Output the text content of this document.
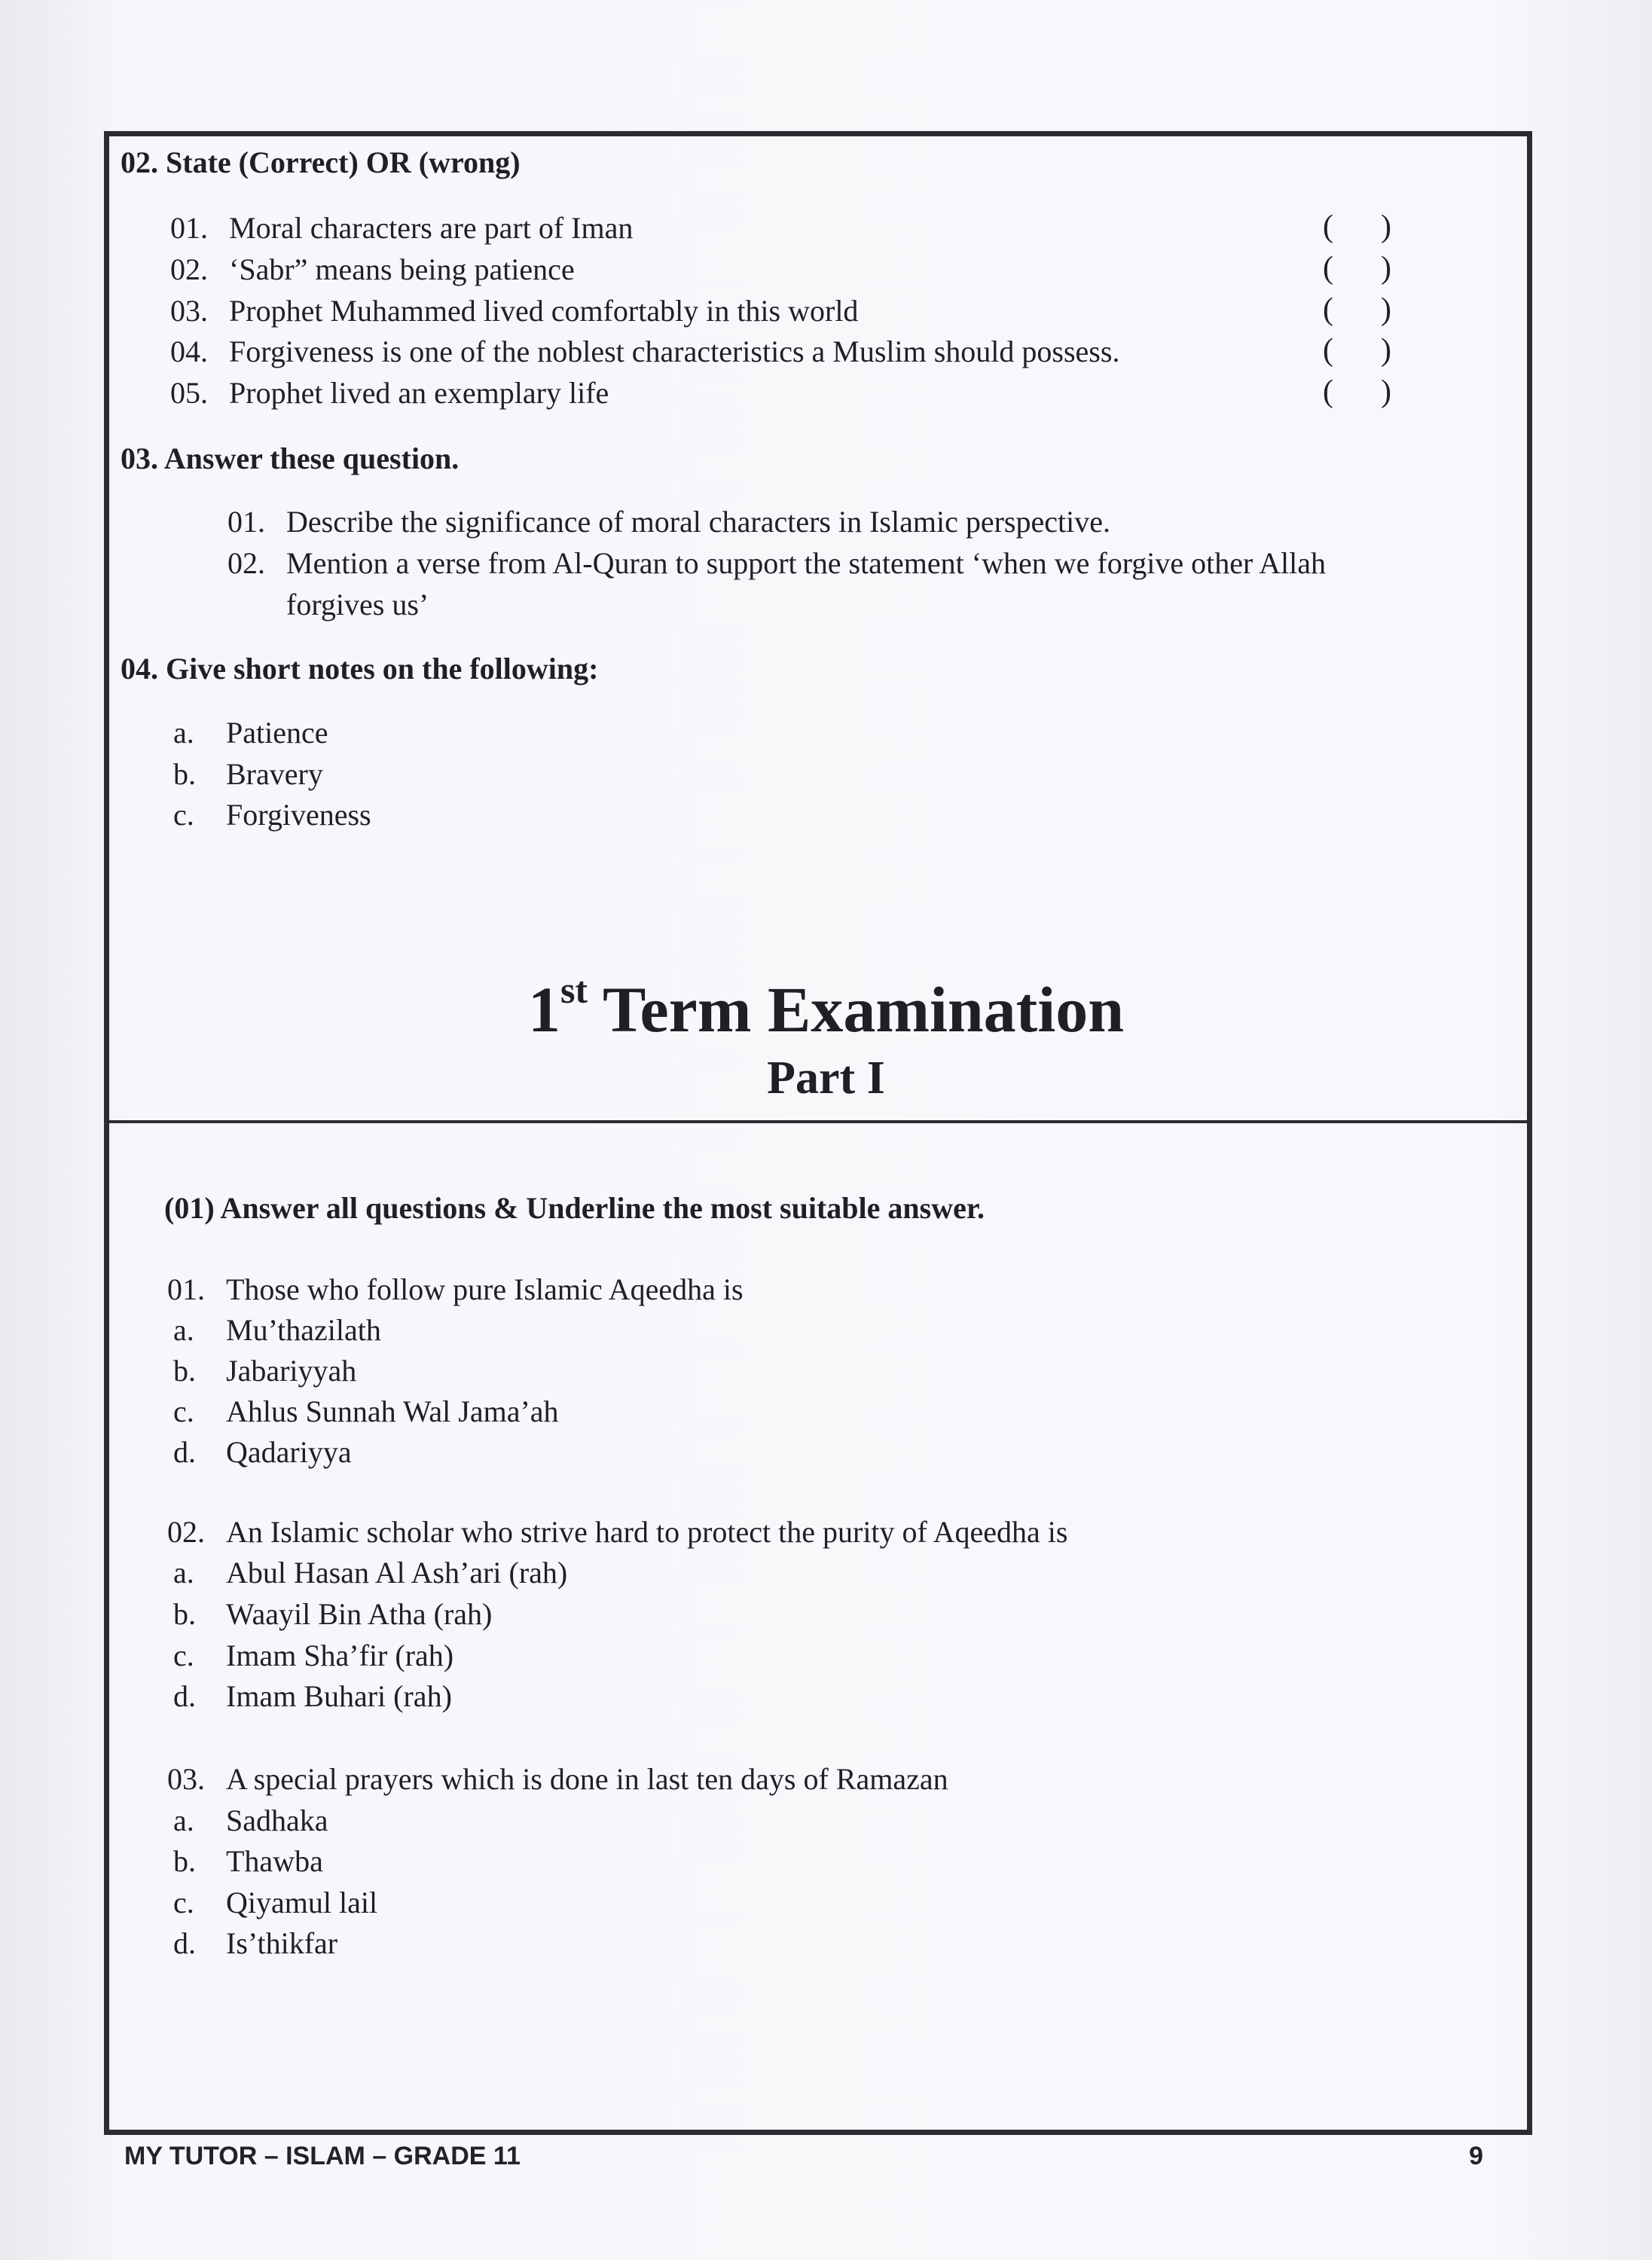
02. State (Correct) OR (wrong)
01. Moral characters are part of Iman	(      )
02. ‘Sabr” means being patience	(      )
03. Prophet Muhammed lived comfortably in this world	(      )
04. Forgiveness is one of the noblest characteristics a Muslim should possess.	(      )
05. Prophet lived an exemplary life	(      )
03. Answer these question.
01. Describe the significance of moral characters in Islamic perspective.
02. Mention a verse from Al-Quran to support the statement ‘when we forgive other Allah
forgives us’
04. Give short notes on the following:
a. Patience
b. Bravery
c. Forgiveness
1st Term Examination
Part I
(01) Answer all questions & Underline the most suitable answer.
01. Those who follow pure Islamic Aqeedha is
a. Mu’thazilath
b. Jabariyyah
c. Ahlus Sunnah Wal Jama’ah
d. Qadariyya
02. An Islamic scholar who strive hard to protect the purity of Aqeedha is
a. Abul Hasan Al Ash’ari (rah)
b. Waayil Bin Atha (rah)
c. Imam Sha’fir (rah)
d. Imam Buhari (rah)
03. A special prayers which is done in last ten days of Ramazan
a. Sadhaka
b. Thawba
c. Qiyamul lail
d. Is’thikfar
MY TUTOR – ISLAM – GRADE 11	9
